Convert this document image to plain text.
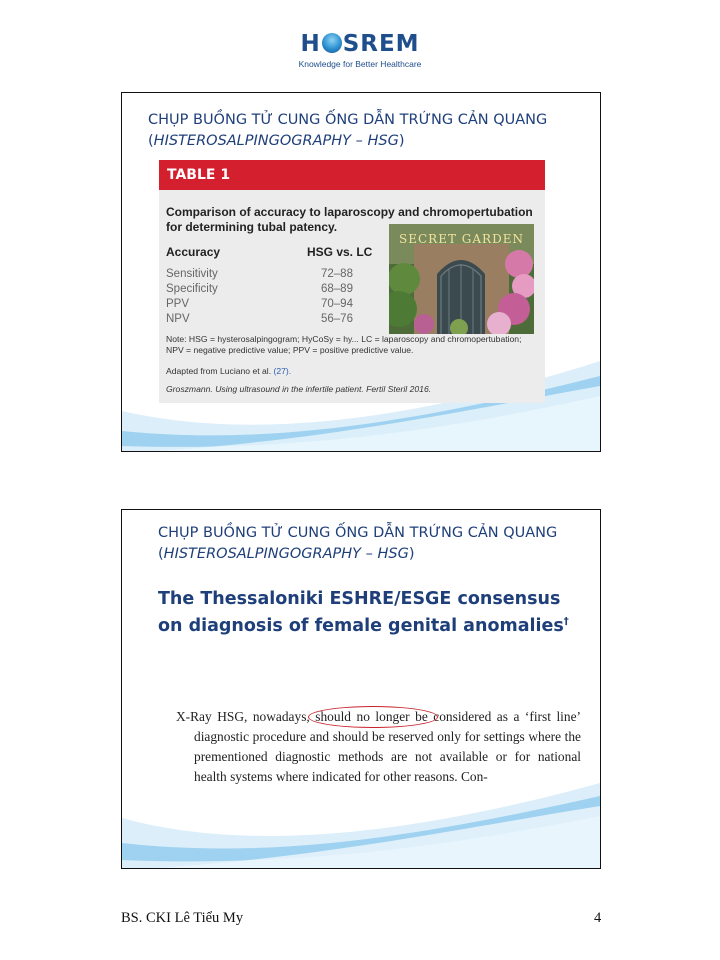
H SREM
Knowledge for Better Healthcare
CHỤP BUỒNG TỬ CUNG ỐNG DẪN TRỨNG CẢN QUANG
(HISTEROSALPINGOGRAPHY – HSG)
TABLE 1
Comparison of accuracy to laparoscopy and chromopertubation for determining tubal patency.
Accuracy	HSG vs. LC
Sensitivity	72–88
Specificity	68–89
PPV	70–94
NPV	56–76
Note: HSG = hysterosalpingogram; HyCoSy = hy... LC = laparoscopy and chromopertubation; NPV = negative predictive value; PPV = positive predictive value.
Adapted from Luciano et al. (27).
Groszmann. Using ultrasound in the infertile patient. Fertil Steril 2016.
SECRET GARDEN
CHỤP BUỒNG TỬ CUNG ỐNG DẪN TRỨNG CẢN QUANG
(HISTEROSALPINGOGRAPHY – HSG)
The Thessaloniki ESHRE/ESGE consensus on diagnosis of female genital anomalies†
X-Ray HSG, nowadays, should no longer be considered as a ‘first line’ diagnostic procedure and should be reserved only for settings where the prementioned diagnostic methods are not available or for national health systems where indicated for other reasons. Con-
BS. CKI Lê Tiểu My	4
